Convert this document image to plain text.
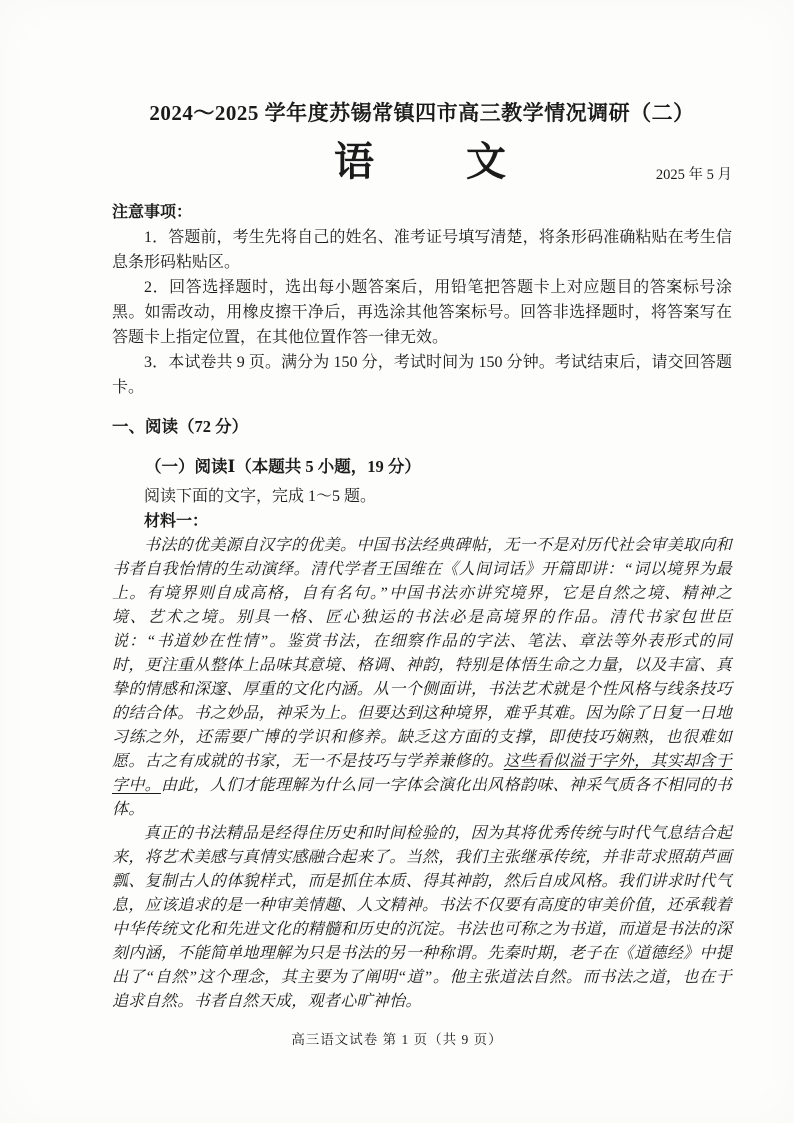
2024～2025 学年度苏锡常镇四市高三教学情况调研（二）
语　　文	2025 年 5 月
注意事项：

1．答题前，考生先将自己的姓名、准考证号填写清楚，将条形码准确粘贴在考生信息条形码粘贴区。

2．回答选择题时，选出每小题答案后，用铅笔把答题卡上对应题目的答案标号涂黑。如需改动，用橡皮擦干净后，再选涂其他答案标号。回答非选择题时，将答案写在答题卡上指定位置，在其他位置作答一律无效。

3．本试卷共 9 页。满分为 150 分，考试时间为 150 分钟。考试结束后，请交回答题卡。

一、阅读（72 分）
（一）阅读Ⅰ（本题共 5 小题，19 分）

阅读下面的文字，完成 1～5 题。

材料一：

书法的优美源自汉字的优美。中国书法经典碑帖，无一不是对历代社会审美取向和书者自我怡情的生动演绎。清代学者王国维在《人间词话》开篇即讲：“词以境界为最上。有境界则自成高格，自有名句。”中国书法亦讲究境界，它是自然之境、精神之境、艺术之境。别具一格、匠心独运的书法必是高境界的作品。清代书家包世臣说：“书道妙在性情”。鉴赏书法，在细察作品的字法、笔法、章法等外表形式的同时，更注重从整体上品味其意境、格调、神韵，特别是体悟生命之力量，以及丰富、真挚的情感和深邃、厚重的文化内涵。从一个侧面讲，书法艺术就是个性风格与线条技巧的结合体。书之妙品，神采为上。但要达到这种境界，难乎其难。因为除了日复一日地习练之外，还需要广博的学识和修养。缺乏这方面的支撑，即使技巧娴熟，也很难如愿。古之有成就的书家，无一不是技巧与学养兼修的。这些看似溢于字外，其实却含于字中。由此，人们才能理解为什么同一字体会演化出风格韵味、神采气质各不相同的书体。

真正的书法精品是经得住历史和时间检验的，因为其将优秀传统与时代气息结合起来，将艺术美感与真情实感融合起来了。当然，我们主张继承传统，并非苛求照葫芦画瓢、复制古人的体貌样式，而是抓住本质、得其神韵，然后自成风格。我们讲求时代气息，应该追求的是一种审美情趣、人文精神。书法不仅要有高度的审美价值，还承载着中华传统文化和先进文化的精髓和历史的沉淀。书法也可称之为书道，而道是书法的深刻内涵，不能简单地理解为只是书法的另一种称谓。先秦时期，老子在《道德经》中提出了“自然”这个理念，其主要为了阐明“道”。他主张道法自然。而书法之道，也在于追求自然。书者自然天成，观者心旷神怡。

高三语文试卷 第 1 页（共 9 页）
